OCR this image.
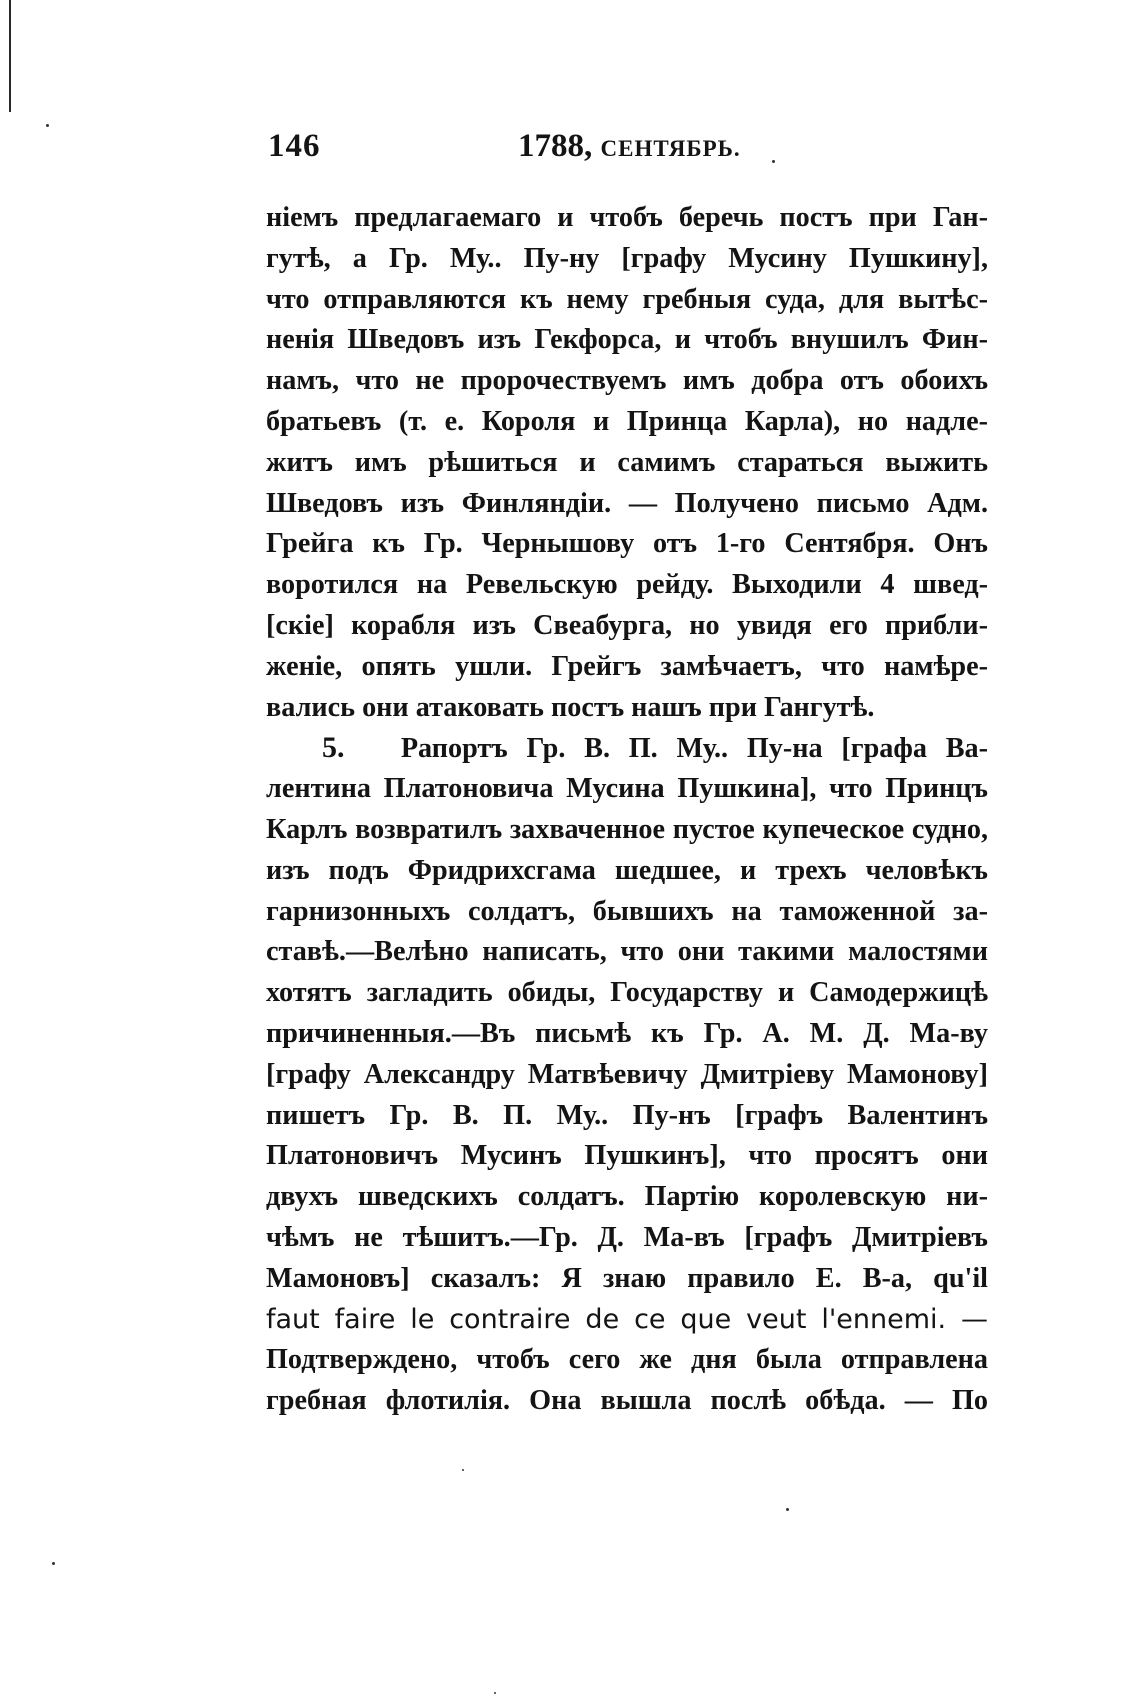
146	1788, СЕНТЯБРЬ.
ніемъ предлагаемаго и чтобъ беречь постъ при Ган-
гутѣ, а Гр. Му.. Пу-ну [графу Мусину Пушкину],
что отправляются къ нему гребныя суда, для вытѣс-
ненія Шведовъ изъ Гекфорса, и чтобъ внушилъ Фин-
намъ, что не пророчествуемъ имъ добра отъ обоихъ
братьевъ (т. е. Короля и Принца Карла), но надле-
житъ имъ рѣшиться и самимъ стараться выжить
Шведовъ изъ Финляндіи. — Получено письмо Адм.
Грейга къ Гр. Чернышову отъ 1-го Сентября. Онъ
воротился на Ревельскую рейду. Выходили 4 швед-
[скіе] корабля изъ Свеабурга, но увидя его прибли-
женіе, опять ушли. Грейгъ замѣчаетъ, что намѣре-
вались они атаковать постъ нашъ при Гангутѣ.
5. Рапортъ Гр. В. П. Му.. Пу-на [графа Ва-
лентина Платоновича Мусина Пушкина], что Принцъ
Карлъ возвратилъ захваченное пустое купеческое судно,
изъ подъ Фридрихсгама шедшее, и трехъ человѣкъ
гарнизонныхъ солдатъ, бывшихъ на таможенной за-
ставѣ.—Велѣно написать, что они такими малостями
хотятъ загладить обиды, Государству и Самодержицѣ
причиненныя.—Въ письмѣ къ Гр. А. М. Д. Ма-ву
[графу Александру Матвѣевичу Дмитріеву Мамонову]
пишетъ Гр. В. П. Му.. Пу-нъ [графъ Валентинъ
Платоновичъ Мусинъ Пушкинъ], что просятъ они
двухъ шведскихъ солдатъ. Партію королевскую ни-
чѣмъ не тѣшитъ.—Гр. Д. Ма-въ [графъ Дмитріевъ
Мамоновъ] сказалъ: Я знаю правило Е. В-а, qu'il
faut faire le contraire de ce que veut l'ennemi. —
Подтверждено, чтобъ сего же дня была отправлена
гребная флотилія. Она вышла послѣ обѣда. — По
